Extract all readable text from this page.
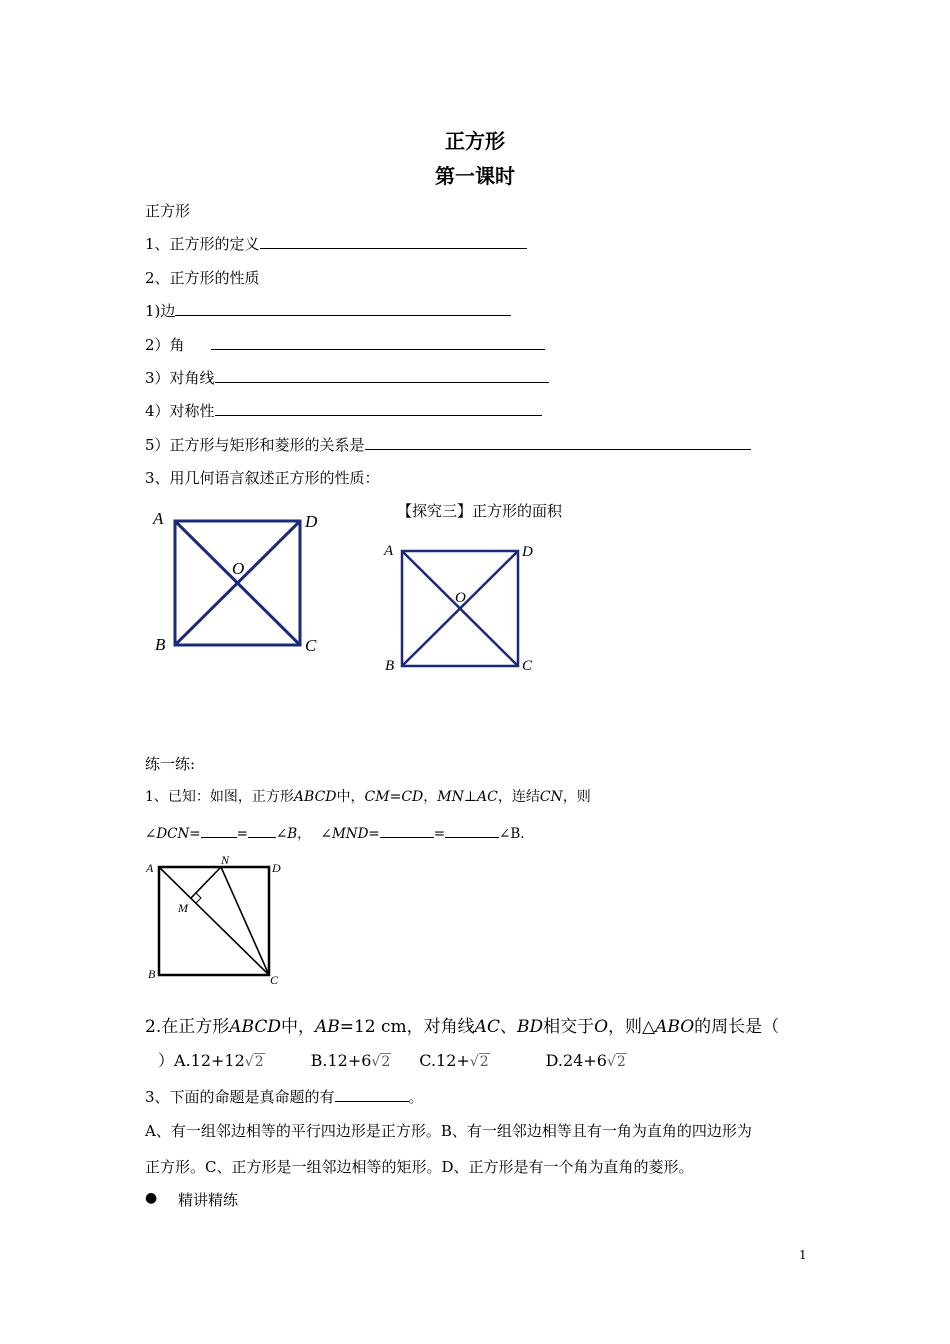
正方形
第一课时
正方形
1、正方形的定义
2、正方形的性质
1)边
2）角
3）对角线
4）对称性
5）正方形与矩形和菱形的关系是
3、用几何语言叙述正方形的性质：
【探究三】正方形的面积
A	D
B	C
O
A	D
B	C
O
练一练:
1、已知：如图，正方形ABCD中，CM=CD，MN⊥AC，连结CN，则
∠DCN=	= ∠B， ∠MND=	=	∠B.
A	D
B	C
N
M
2.在正方形ABCD中，AB=12 cm，对角线AC、BD相交于O，则△ABO的周长是（
）A.12+12√2	B.12+6√2 C.12+√2	D.24+6√2
3、下面的命题是真命题的有	。
A、有一组邻边相等的平行四边形是正方形。B、有一组邻边相等且有一角为直角的四边形为
正方形。C、正方形是一组邻边相等的矩形。D、正方形是有一个角为直角的菱形。
● 精讲精练
1
